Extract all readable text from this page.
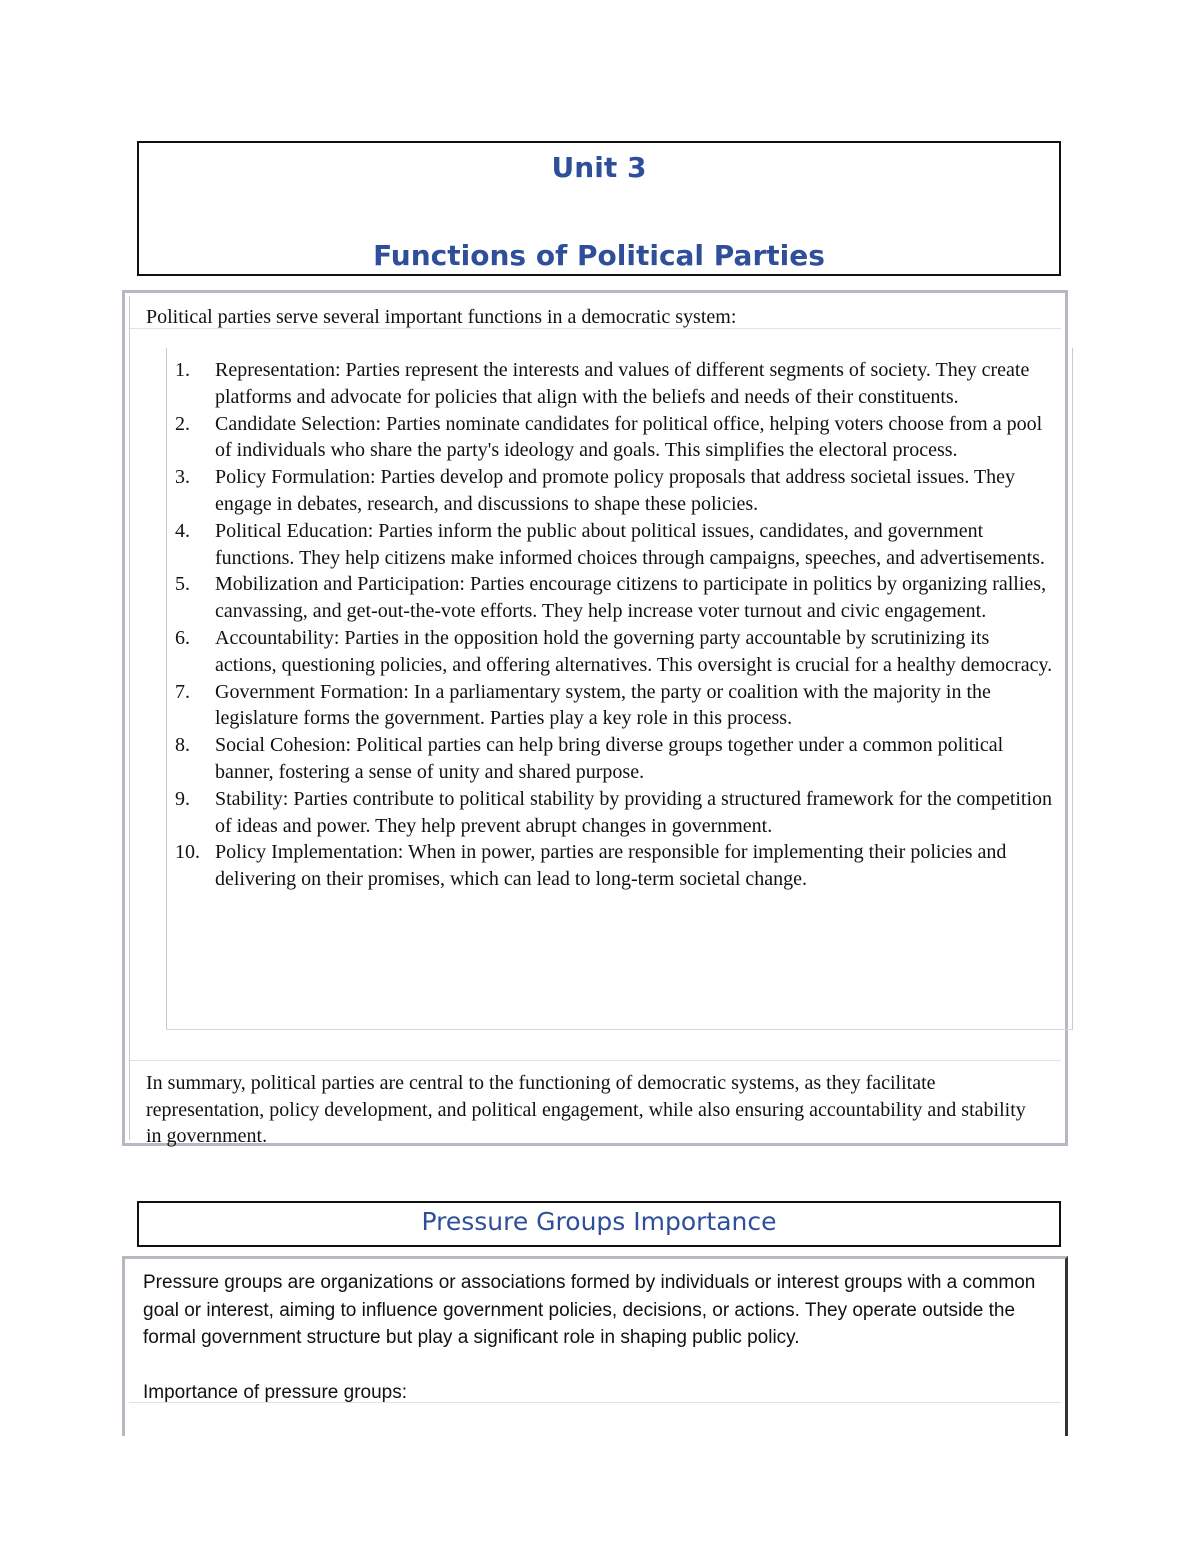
Unit 3
Functions of Political Parties
Political parties serve several important functions in a democratic system:
In summary, political parties are central to the functioning of democratic systems, as they facilitate representation, policy development, and political engagement, while also ensuring accountability and stability in government.
1.	Representation: Parties represent the interests and values of different segments of society. They create platforms and advocate for policies that align with the beliefs and needs of their constituents.
2.	Candidate Selection: Parties nominate candidates for political office, helping voters choose from a pool of individuals who share the party's ideology and goals. This simplifies the electoral process.
3.	Policy Formulation: Parties develop and promote policy proposals that address societal issues. They engage in debates, research, and discussions to shape these policies.
4.	Political Education: Parties inform the public about political issues, candidates, and government functions. They help citizens make informed choices through campaigns, speeches, and advertisements.
5.	Mobilization and Participation: Parties encourage citizens to participate in politics by organizing rallies, canvassing, and get-out-the-vote efforts. They help increase voter turnout and civic engagement.
6.	Accountability: Parties in the opposition hold the governing party accountable by scrutinizing its actions, questioning policies, and offering alternatives. This oversight is crucial for a healthy democracy.
7.	Government Formation: In a parliamentary system, the party or coalition with the majority in the legislature forms the government. Parties play a key role in this process.
8.	Social Cohesion: Political parties can help bring diverse groups together under a common political banner, fostering a sense of unity and shared purpose.
9.	Stability: Parties contribute to political stability by providing a structured framework for the competition of ideas and power. They help prevent abrupt changes in government.
10. Policy Implementation: When in power, parties are responsible for implementing their policies and delivering on their promises, which can lead to long-term societal change.
Pressure Groups Importance

Pressure groups are organizations or associations formed by individuals or interest groups with a common goal or interest, aiming to influence government policies, decisions, or actions. They operate outside the formal government structure but play a significant role in shaping public policy.

Importance of pressure groups:
